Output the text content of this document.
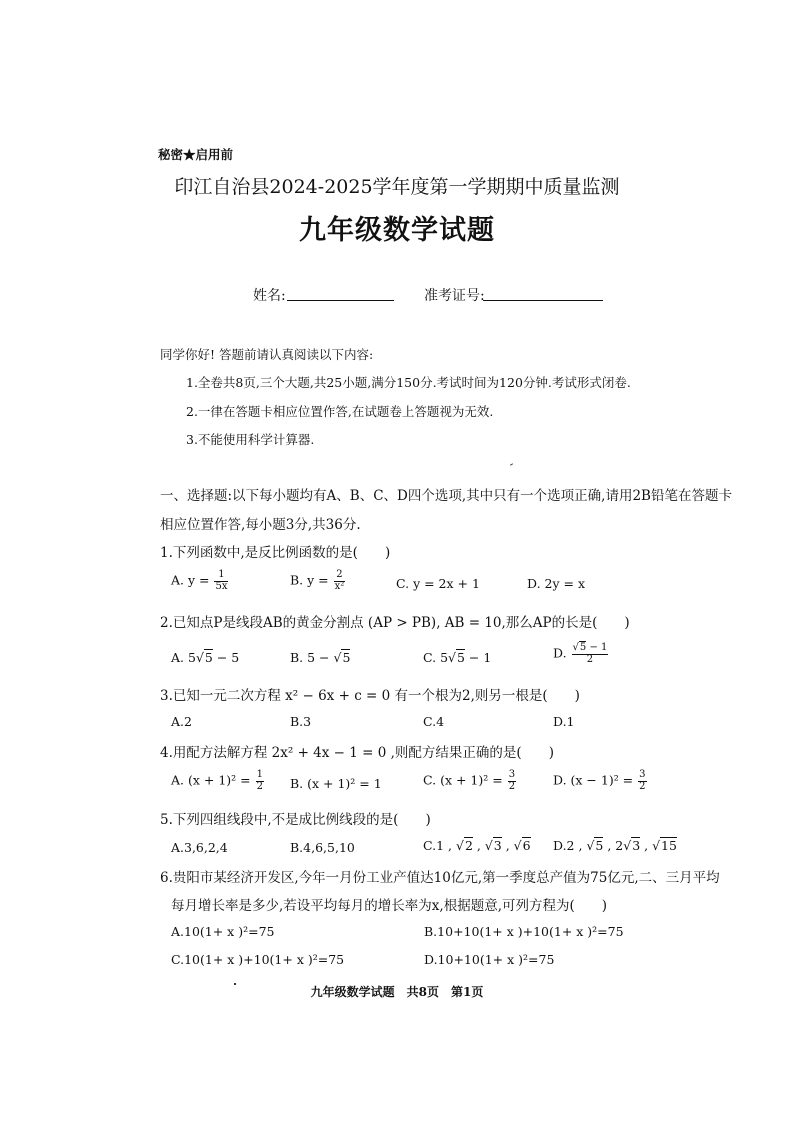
秘密★启用前
印江自治县2024-2025学年度第一学期期中质量监测
九年级数学试题
姓名:	准考证号:
同学你好! 答题前请认真阅读以下内容:
1.全卷共8页,三个大题,共25小题,满分150分.考试时间为120分钟.考试形式闭卷.
2.一律在答题卡相应位置作答,在试题卷上答题视为无效.
3.不能使用科学计算器.
一、选择题:以下每小题均有A、B、C、D四个选项,其中只有一个选项正确,请用2B铅笔在答题卡
相应位置作答,每小题3分,共36分.
1.下列函数中,是反比例函数的是(　　)
A. $y = \frac{1}{5x}$	B. $y = \frac{2}{\text{x²}}$	C. y = 2x + 1	D. 2y = x
2.已知点P是线段AB的黄金分割点 (AP > PB), AB = 10,那么AP的长是(　　)
A. 5√5 − 5	B. 5 − √5	C. 5√5 − 1	D. $\frac{√5 - 1}{2}$
3.已知一元二次方程 x² − 6x + c = 0 有一个根为2,则另一根是(　　)
A.2	B.3	C.4	D.1
4.用配方法解方程 2x² + 4x − 1 = 0 ,则配方结果正确的是(　　)
A. $(x + 1)^2 = \frac{1}{2} B$. (x + 1)² = 1	C. $(x + 1)^2 = \frac{3}{2}$	D. $(x - 1)^2 = \frac{3}{2}$
5.下列四组线段中,不是成比例线段的是(　　)
A.3,6,2,4	B.4,6,5,10	C.1 , √2 , √3 , √6 D.2 , √5 , 2√3 , √15
6.贵阳市某经济开发区,今年一月份工业产值达10亿元,第一季度总产值为75亿元,二、三月平均
每月增长率是多少,若设平均每月的增长率为x,根据题意,可列方程为(　　)
A.10(1+ x )²=75	B.10+10(1+ x )+10(1+ x )²=75
C.10(1+ x )+10(1+ x )²=75	D.10+10(1+ x )²=75
九年级数学试题　共8页　第1页
